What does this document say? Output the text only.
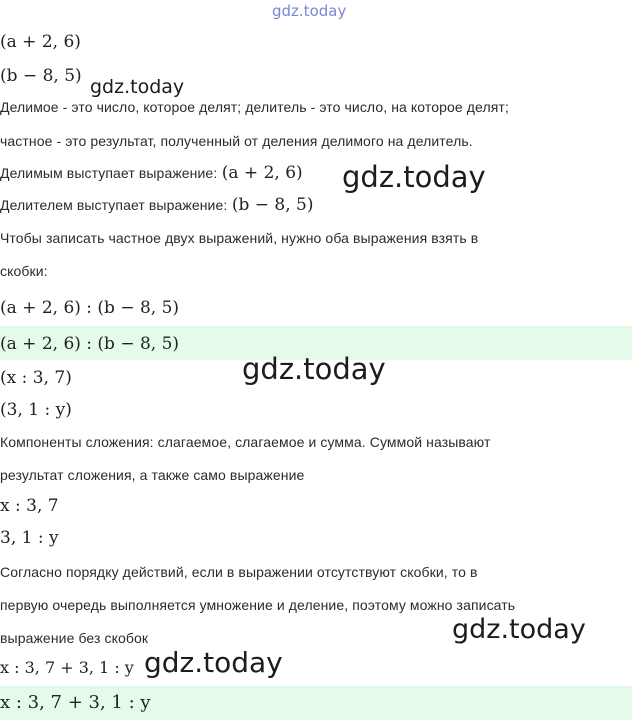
gdz.today
(a + 2, 6)
(b − 8, 5)
Делимое - это число, которое делят; делитель - это число, на которое делят;
частное - это результат, полученный от деления делимого на делитель.
Делимым выступает выражение: (a + 2, 6)
Делителем выступает выражение: (b − 8, 5)
Чтобы записать частное двух выражений, нужно оба выражения взять в
скобки:
(a + 2, 6) : (b − 8, 5)
(a + 2, 6) : (b − 8, 5)
(x : 3, 7)
(3, 1 : y)
Компоненты сложения: слагаемое, слагаемое и сумма. Суммой называют
результат сложения, а также само выражение
x : 3, 7
3, 1 : y
Согласно порядку действий, если в выражении отсутствуют скобки, то в
первую очередь выполняется умножение и деление, поэтому можно записать
выражение без скобок
x : 3, 7 + 3, 1 : y
x : 3, 7 + 3, 1 : y
gdz.today
gdz.today
gdz.today
gdz.today
gdz.today
